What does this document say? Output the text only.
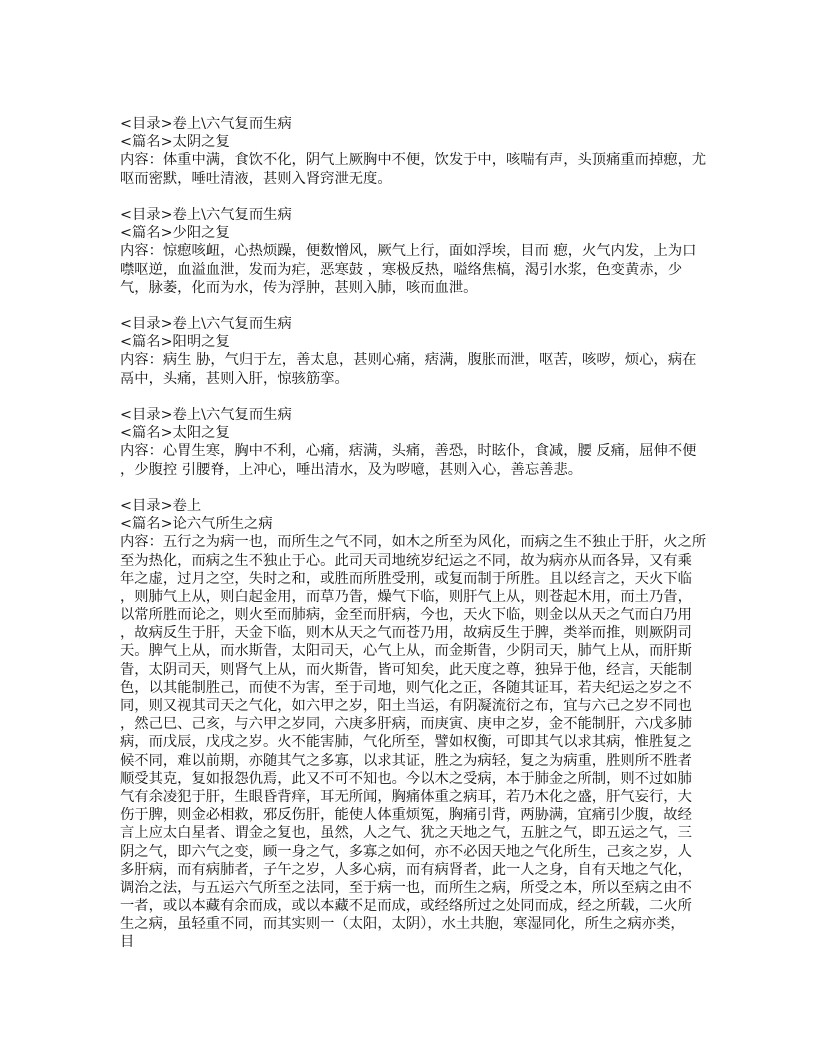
<目录>卷上\六气复而生病
<篇名>太阴之复
内容：体重中满，食饮不化，阴气上厥胸中不便，饮发于中，咳喘有声，头顶痛重而掉瘛，尤
呕而密默，唾吐清液，甚则入肾窍泄无度。
<目录>卷上\六气复而生病
<篇名>少阳之复
内容：惊瘛咳衄，心热烦躁，便数憎风，厥气上行，面如浮埃，目而 瘛，火气内发，上为口
噤呕逆，血溢血泄，发而为疟，恶寒鼓 ，寒极反热，嗌络焦槁，渴引水浆，色变黄赤，少
气，脉萎，化而为水，传为浮肿，甚则入肺，咳而血泄。
<目录>卷上\六气复而生病
<篇名>阳明之复
内容：病生 胁，气归于左，善太息，甚则心痛，痞满，腹胀而泄，呕苦，咳哕，烦心，病在
鬲中，头痛，甚则入肝，惊骇筋挛。
<目录>卷上\六气复而生病
<篇名>太阳之复
内容：心胃生寒，胸中不利，心痛，痞满，头痛，善恐，时眩仆，食减，腰 反痛，屈伸不便
，少腹控 引腰脊，上冲心，唾出清水，及为哕噫，甚则入心，善忘善悲。
<目录>卷上
<篇名>论六气所生之病
内容：五行之为病一也，而所生之气不同，如木之所至为风化，而病之生不独止于肝，火之所
至为热化，而病之生不独止于心。此司天司地统岁纪运之不同，故为病亦从而各异，又有乘
年之虚，过月之空，失时之和，或胜而所胜受刑，或复而制于所胜。且以经言之，天火下临
，则肺气上从，则白起金用，而草乃眚，燥气下临，则肝气上从，则苍起木用，而土乃眚，
以常所胜而论之，则火至而肺病，金至而肝病，今也，天火下临，则金以从天之气而白乃用
，故病反生于肝，天金下临，则木从天之气而苍乃用，故病反生于脾，类举而推，则厥阴司
天。脾气上从，而水斯眚，太阳司天，心气上从，而金斯眚，少阴司天，肺气上从，而肝斯
眚，太阴司天，则肾气上从，而火斯眚，皆可知矣，此天度之尊，独异于他，经言，天能制
色，以其能制胜己，而使不为害，至于司地，则气化之正，各随其证耳，若夫纪运之岁之不
同，则又视其司天之气化，如六甲之岁，阳土当运，有阴凝流衍之布，宜与六己之岁不同也
，然己巳、己亥，与六甲之岁同，六庚多肝病，而庚寅、庚申之岁，金不能制肝，六戊多肺
病，而戊辰，戊戌之岁。火不能害肺，气化所至，譬如权衡，可即其气以求其病，惟胜复之
候不同，难以前期，亦随其气之多寡，以求其证，胜之为病轻，复之为病重，胜则所不胜者
顺受其克，复如报怨仇焉，此又不可不知也。今以木之受病，本于肺金之所制，则不过如肺
气有余凌犯于肝，生眼昏背痒，耳无所闻，胸痛体重之病耳，若乃木化之盛，肝气妄行，大
伤于脾，则金必相救，邪反伤肝，能使人体重烦冤，胸痛引背，两胁满，宜痛引少腹，故经
言上应太白星者、谓金之复也，虽然，人之气、犹之天地之气，五脏之气，即五运之气，三
阴之气，即六气之变，顾一身之气，多寡之如何，亦不必因天地之气化所生，己亥之岁，人
多肝病，而有病肺者，子午之岁，人多心病，而有病肾者，此一人之身，自有天地之气化，
调治之法，与五运六气所至之法同，至于病一也，而所生之病，所受之本，所以至病之由不
一者，或以本藏有余而成，或以本藏不足而成，或经络所过之处同而成，经之所载，二火所
生之病，虽轻重不同，而其实则一（太阳，太阴），水土共胞，寒湿同化，所生之病亦类，
目
